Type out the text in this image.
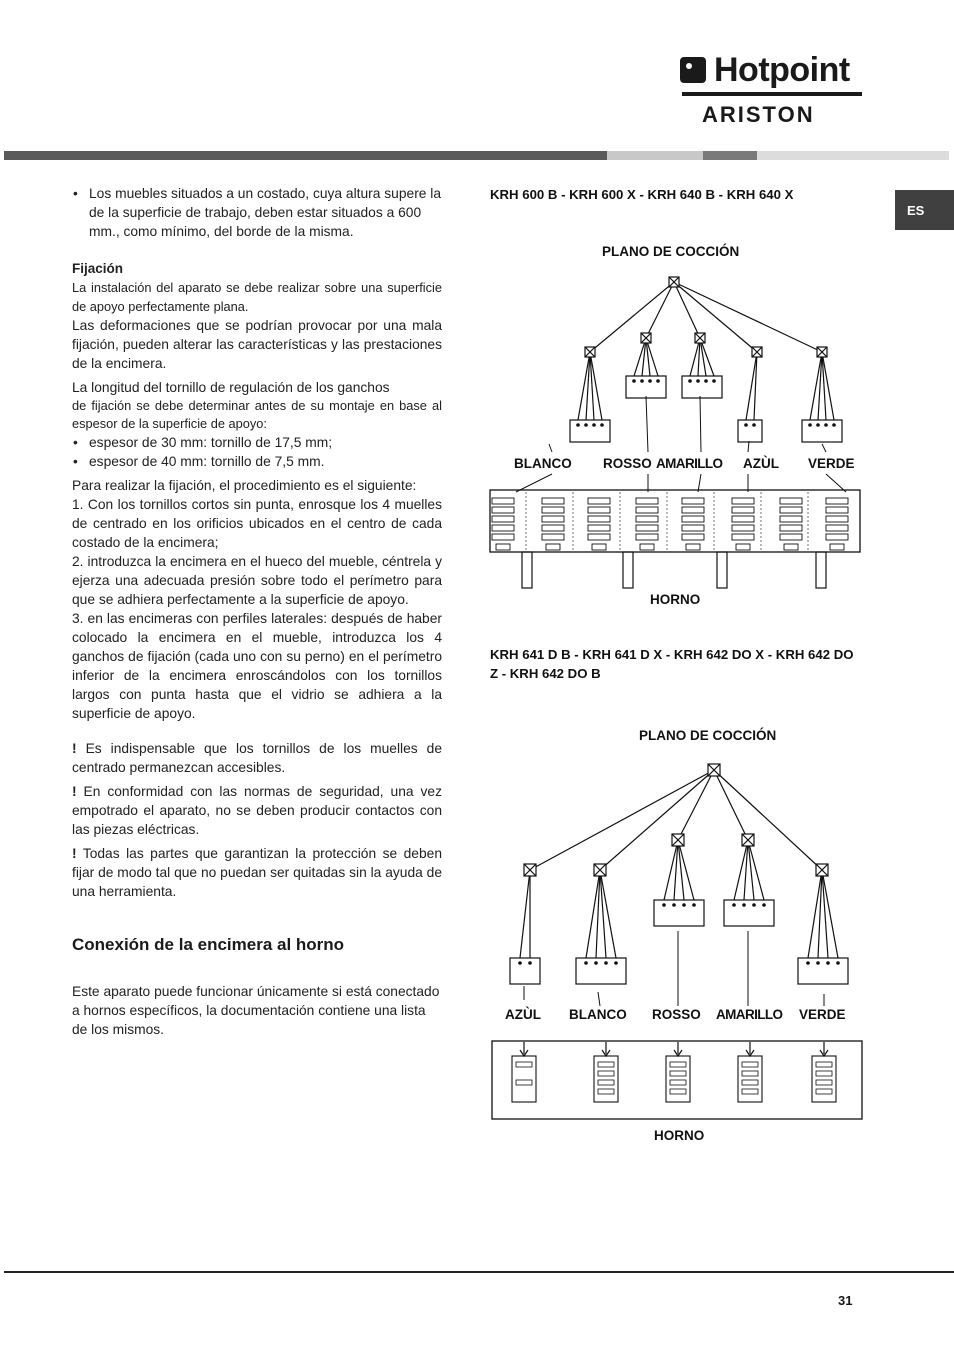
Hotpoint
ARISTON
ES
• Los muebles situados a un costado, cuya altura supere la de la superficie de trabajo, deben estar situados a 600 mm., como mínimo, del borde de la misma.
Fijación

La instalación del aparato se debe realizar sobre una superficie de apoyo perfectamente plana.

Las deformaciones que se podrían provocar por una mala fijación, pueden alterar las características y las prestaciones de la encimera.

La longitud del tornillo de regulación de los ganchos

de fijación se debe determinar antes de su montaje en base al espesor de la superficie de apoyo:

• espesor de 30 mm: tornillo de 17,5 mm;
• espesor de 40 mm: tornillo de 7,5 mm.

Para realizar la fijación, el procedimiento es el siguiente:

1. Con los tornillos cortos sin punta, enrosque los 4 muelles de centrado en los orificios ubicados en el centro de cada costado de la encimera;

2. introduzca la encimera en el hueco del mueble, céntrela y ejerza una adecuada presión sobre todo el perímetro para que se adhiera perfectamente a la superficie de apoyo.

3. en las encimeras con perfiles laterales: después de haber colocado la encimera en el mueble, introduzca los 4 ganchos de fijación (cada uno con su perno) en el perímetro inferior de la encimera enroscándolos con los tornillos largos con punta hasta que el vidrio se adhiera a la superficie de apoyo.

! Es indispensable que los tornillos de los muelles de centrado permanezcan accesibles.

! En conformidad con las normas de seguridad, una vez empotrado el aparato, no se deben producir contactos con las piezas eléctricas.

! Todas las partes que garantizan la protección se deben fijar de modo tal que no puedan ser quitadas sin la ayuda de una herramienta.

Conexión de la encimera al horno

Este aparato puede funcionar únicamente si está conectado a hornos específicos, la documentación contiene una lista de los mismos.

KRH 600 B - KRH 600 X - KRH 640 B - KRH 640 X
PLANO DE COCCIÓN
BLANCO ROSSO AMARILLO AZÙL VERDE
HORNO
KRH 641 D B - KRH 641 D X - KRH 642 DO X - KRH 642 DO Z - KRH 642 DO B
PLANO DE COCCIÓN
AZÙL BLANCO ROSSO AMARILLO VERDE
HORNO
31
